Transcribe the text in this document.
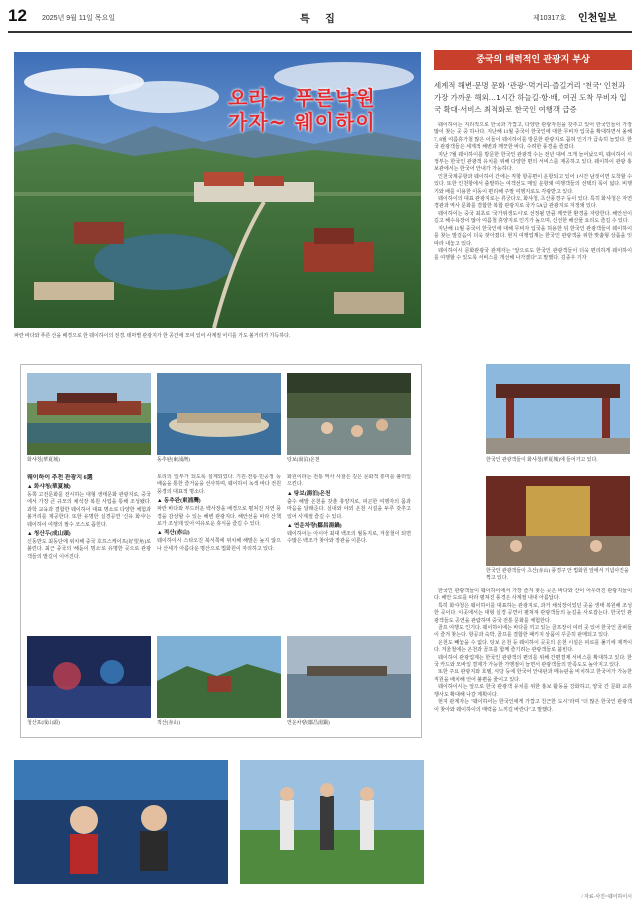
12 2025년 9월 11일 목요일	특 집	제10317호 인천일보
오라~ 푸른낙원
가자~ 웨이하이
파란 바다와 푸른 산을 배경으로 한 웨이하이의 전경. 테마별 관광지가 한 공간에 모여 있어 사계절 어디를 가도 볼거리가 가득하다.
중국의 매력적인 관광지 부상
세계적 해변·문명 문화 '관광'·먹거리·즐길거리 '천국' 인천과 가장 가까운 해외…1시간 하늘길·항·배, 여권 도착 무비자 입국 확대·서비스 최적화로 한국인 여행객 급증

웨이하이는 지리적으로 한국과 가깝고, 다양한 관광자원을 갖추고 있어 한국인들이 가장 많이 찾는 곳 중 하나다. 지난해 11월 중국이 한국인에 대한 무비자 입국을 확대하면서 올해 7, 8월 여름휴가철 많은 이들이 웨이하이를 방문한 관광지로 꼽혀 인기가 급속히 늘었다. 한국 관광객들은 세계적 해변과 깨끗한 바다, 수려한 풍경을 즐겼다.

지난 7월 웨이하이를 방문한 한국인 관광객 수는 전년 대비 크게 늘어났으며, 웨이하이 시 정부는 한국인 관광객 유치를 위해 다양한 편의 서비스를 제공하고 있다. 웨이하이 관광 홍보관에서는 한국어 안내가 가능하다.

인천국제공항과 웨이하이 간에는 직항 항공편이 운항되고 있어 1시간 남짓이면 도착할 수 있다. 또한 인천항에서 출발하는 여객선도 매일 운항돼 여행객들의 선택의 폭이 넓다. 비행기와 배를 이용한 이동이 편리해 주말 여행지로도 각광받고 있다.

웨이하이의 대표 관광지로는 류궁다오, 화샤청, 츠산풍경구 등이 있다. 특히 화샤청은 자연 경관과 역사 문화를 결합한 복합 관광지로 국가 5A급 관광지로 지정돼 있다.

웨이하이는 중국 최초로 '국가위생도시'로 선정될 만큼 깨끗한 환경을 자랑한다. 해안선이 길고 해수욕장이 많아 여름철 휴양지로 인기가 높으며, 신선한 해산물 요리도 즐길 수 있다.

지난해 11월 중국이 한국인에 대해 무비자 입국을 허용한 뒤 한국인 관광객들이 웨이하이를 찾는 발걸음이 더욱 잦아졌다. 현지 여행업계는 한국인 관광객을 위한 맞춤형 상품을 잇따라 내놓고 있다.

웨이하이시 문화관광국 관계자는 "앞으로도 한국인 관광객들이 더욱 편리하게 웨이하이를 여행할 수 있도록 서비스를 개선해 나가겠다"고 말했다. 김종우 기자

화샤청(華夏城)	동추완(東浦灣)	탕보(湯泊)온천

웨이하이 추천 관광지 6選

▲ 화샤청(華夏城)

동쪽 고전문화를 전시하는 대형 생태문화 관광지로, 중국에서 가장 큰 규모의 채석장 복원 사업을 통해 조성됐다. 과학 교육과 결합한 웨이하이 대표 명소로 다양한 체험과 볼거리를 제공한다. 또한 유명한 실경공연 '신유 화샤'는 웨이하이 여행의 필수 코스로 꼽힌다.

▲ 청산두(成山頭)

신동반도 최동단에 위치해 중국 호프스케이프(好望角)로 불린다. 최근 중국의 '해돋이 명소'로 유명한 곳으로 관광객들의 발길이 이어진다.

토리의 일부가 되도록 설계되었다. 기원·전통·민공정 등 배움을 통한 즐거움을 선사하며, 웨이하이 녹색 바다 전원풍경의 대표적 명소다.

▲ 동추완(東浦灣)

파란 바다와 부드러운 백사장을 배경으로 펼쳐진 자연 풍경을 감상할 수 있는 해변 관광지다. 해안선을 따라 산책로가 조성돼 있어 여유로운 휴식을 즐길 수 있다.

▲ 적산(赤山)

웨이하이시 스타오진 북서쪽에 위치해 해발은 높지 않으나 산세가 아름다운 명산으로 법화원이 자리하고 있다.

화원이라는 전통 역사 사찰은 깊은 문화적 흥미를 불러일으킨다.

▲ 탕보(湯泊)온천

출수 해발 온천을 갖춘 휴양지로, 피곤한 여행자의 몸과 마음을 달래준다. 실내와 야외 온천 시설을 두루 갖추고 있어 사계절 즐길 수 있다.

▲ 연운차량(鄒昌湯鍋)

웨이하이는 아시아 최대 백조의 월동지로, 겨울철이 되면 수많은 백조가 찾아와 장관을 이룬다.

청산포(成山頭)	적산(赤山)	연운차량(鄒昌湯鍋)
한국인 관광객들이 화샤청(華夏城)에 들어가고 있다.
한국인 관광객들이 츠산(赤山) 풍경구 안 법화원 앞에서 기념사진을 찍고 있다.

한국인 관광객들이 웨이하이에서 가장 즐겨 찾는 곳은 바다와 산이 어우러진 관광지들이다. 해안 도로를 따라 펼쳐진 풍경은 사계절 내내 아름답다.

특히 화샤청은 웨이하이를 대표하는 관광지로, 과거 채석장이었던 곳을 생태 복원해 조성한 곳이다. 이곳에서는 대형 실경 공연이 펼쳐져 관광객들의 눈길을 사로잡는다. 한국인 관광객들도 공연을 관람하며 중국 전통 문화를 체험한다.

골프 여행도 인기다. 웨이하이에는 바다를 끼고 있는 골프장이 여러 곳 있어 한국인 골퍼들이 즐겨 찾는다. 항공과 숙박, 골프를 결합한 패키지 상품이 꾸준히 판매되고 있다.

온천도 빼놓을 수 없다. 탕보 온천 등 웨이하이 곳곳의 온천 시설은 피로를 풀기에 제격이다. 겨울철에는 온천과 골프를 함께 즐기려는 관광객들로 붐빈다.

웨이하이 관광업계는 한국인 관광객의 편의를 위해 간편결제 서비스를 확대하고 있다. 한국 카드와 모바일 결제가 가능한 가맹점이 늘면서 관광객들의 만족도도 높아지고 있다.

또한 주요 관광지와 호텔, 식당 등에 한국어 안내판과 메뉴판을 비치하고 한국어가 가능한 직원을 배치해 언어 불편을 줄이고 있다.

웨이하이시는 앞으로 한국 관광객 유치를 위한 홍보 활동을 강화하고, 양국 간 문화 교류 행사도 확대해 나갈 계획이다.

현지 관계자는 "웨이하이는 한국인에게 가깝고 친근한 도시"라며 "더 많은 한국인 관광객이 찾아와 웨이하이의 매력을 느끼길 바란다"고 말했다.

/ 자료·사진=웨이하이시
